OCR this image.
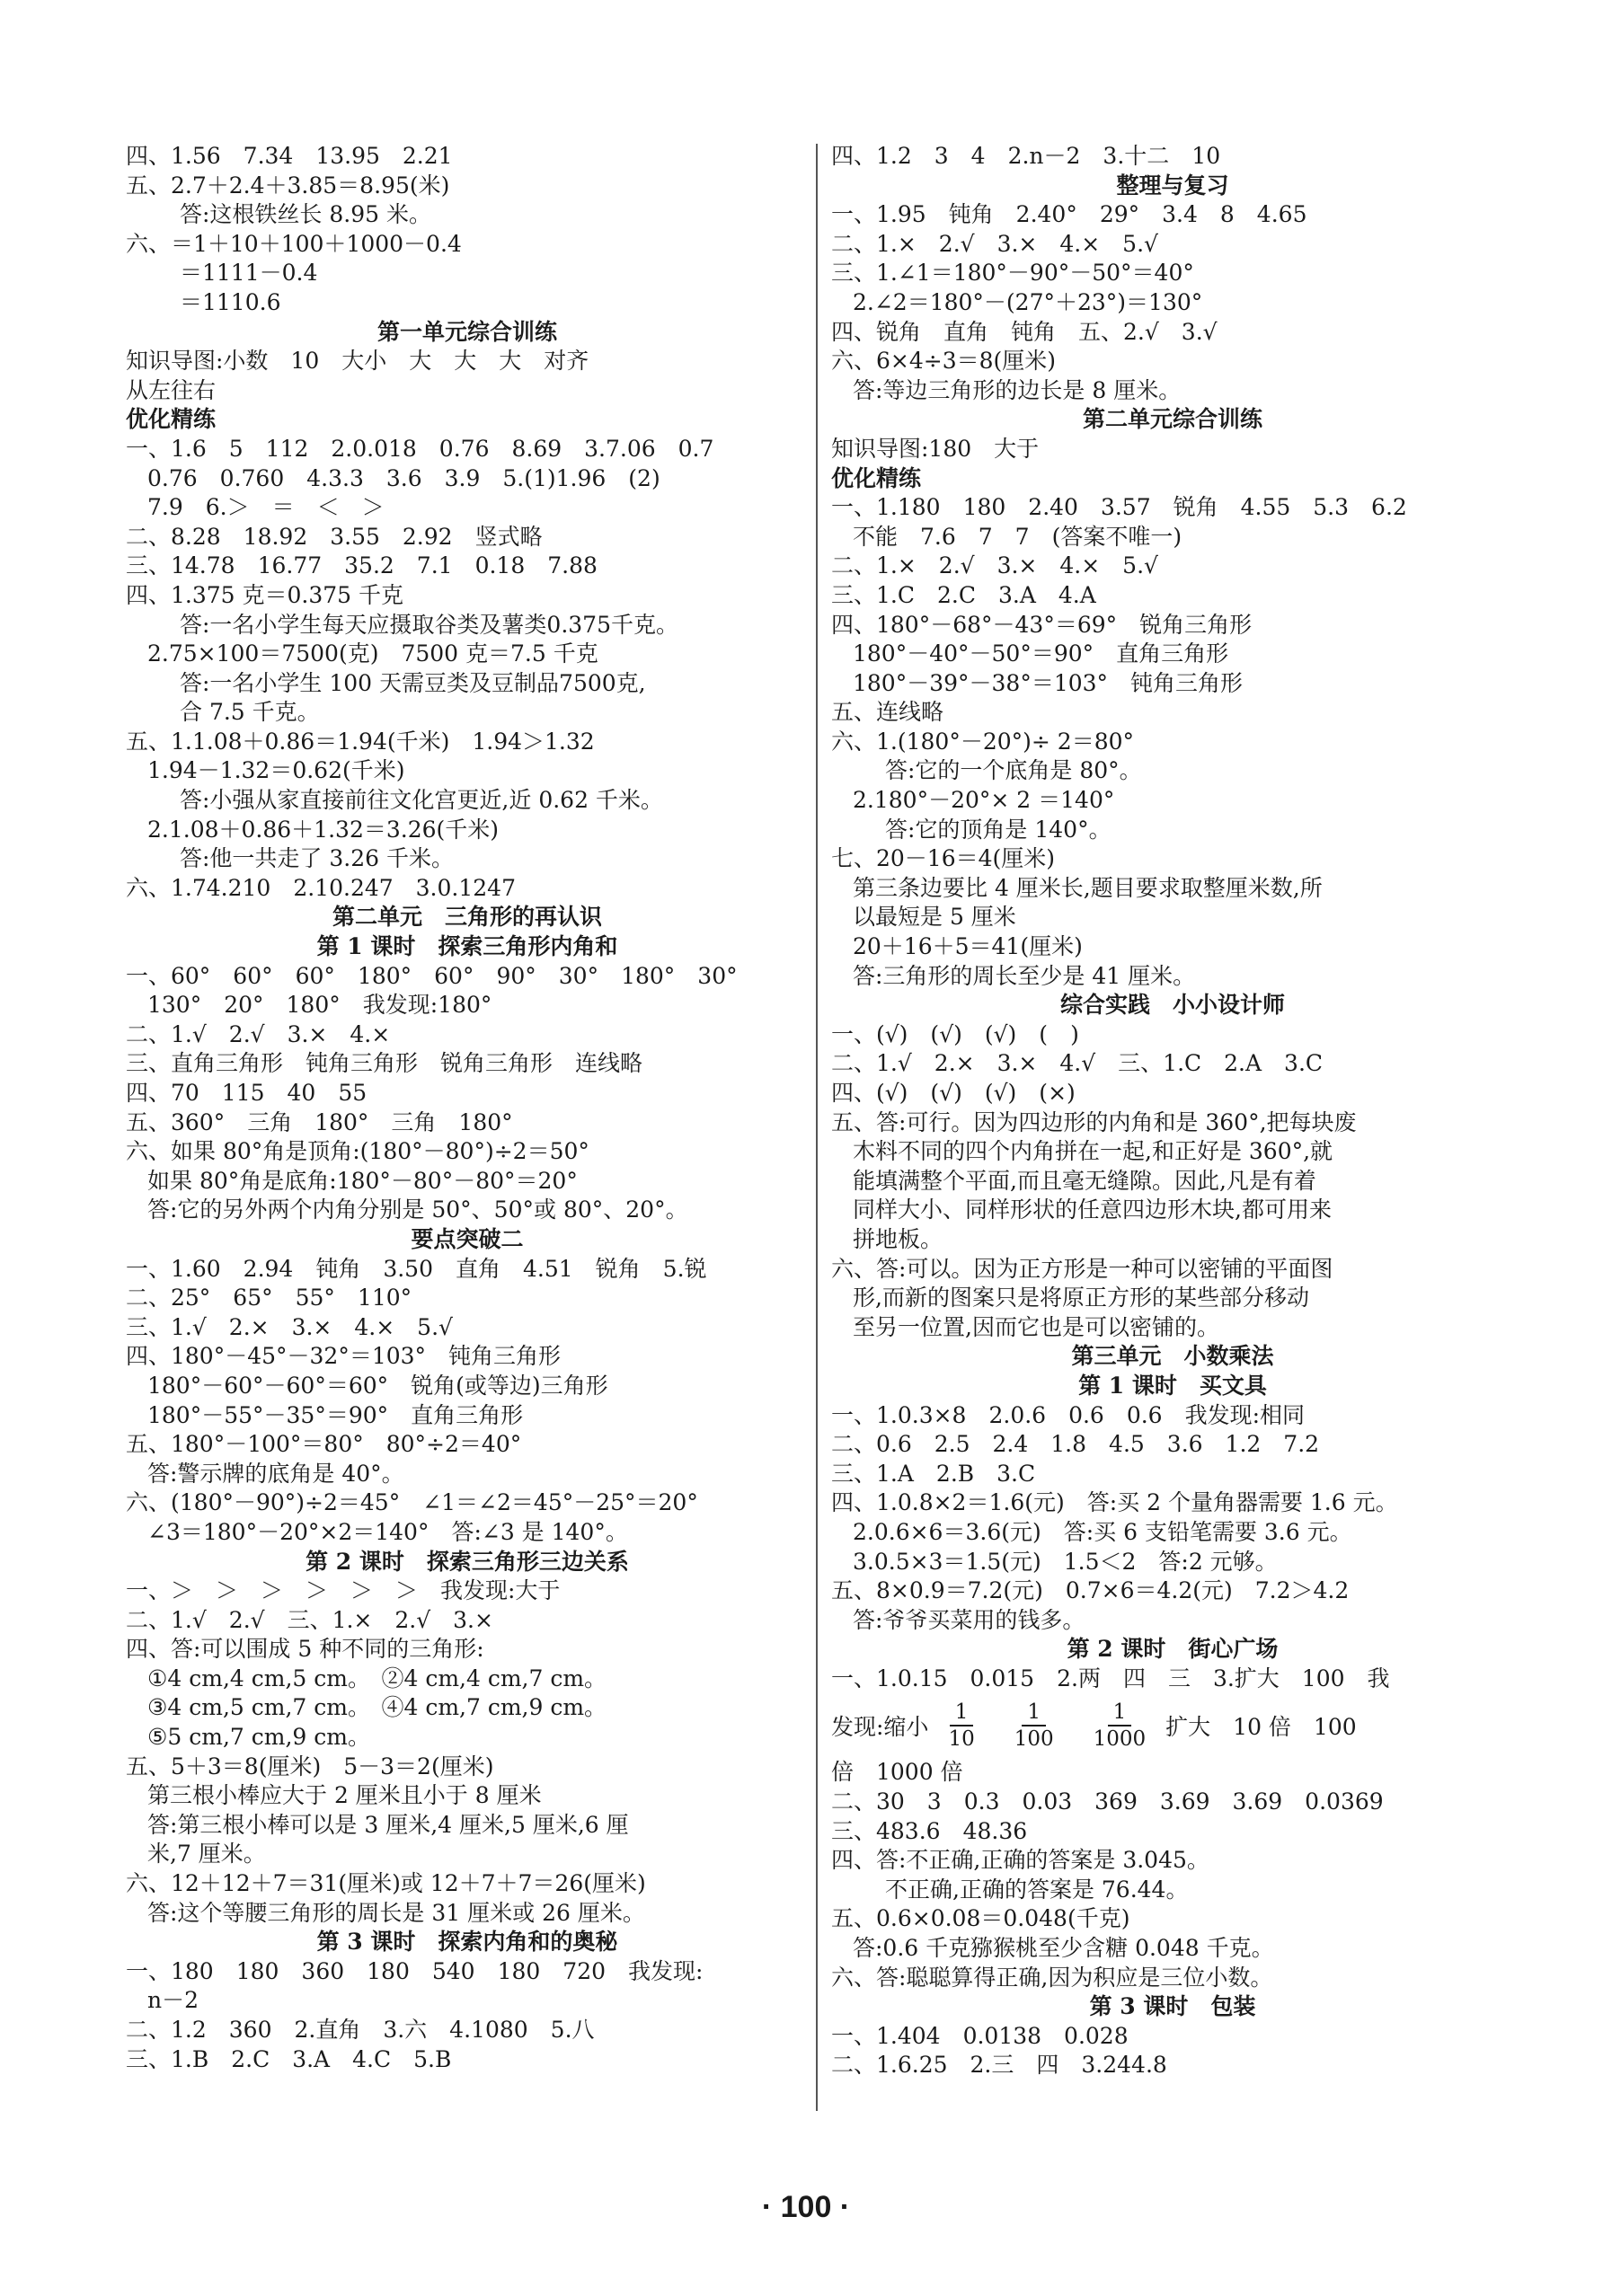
四、1.56　7.34　13.95　2.21
五、2.7＋2.4＋3.85＝8.95(米)
答:这根铁丝长 8.95 米。
六、＝1＋10＋100＋1000－0.4
＝1111－0.4
＝1110.6
第一单元综合训练
知识导图:小数　10　大小　大　大　大　对齐
从左往右
优化精练
一、1.6　5　112　2.0.018　0.76　8.69　3.7.06　0.7
0.76　0.760　4.3.3　3.6　3.9　5.(1)1.96　(2)
7.9　6.＞　＝　＜　＞
二、8.28　18.92　3.55　2.92　竖式略
三、14.78　16.77　35.2　7.1　0.18　7.88
四、1.375 克＝0.375 千克
答:一名小学生每天应摄取谷类及薯类0.375千克。
2.75×100＝7500(克)　7500 克＝7.5 千克
答:一名小学生 100 天需豆类及豆制品7500克,
合 7.5 千克。
五、1.1.08＋0.86＝1.94(千米)　1.94＞1.32
1.94－1.32＝0.62(千米)
答:小强从家直接前往文化宫更近,近 0.62 千米。
2.1.08＋0.86＋1.32＝3.26(千米)
答:他一共走了 3.26 千米。
六、1.74.210　2.10.247　3.0.1247
第二单元　三角形的再认识
第 1 课时　探索三角形内角和
一、60°　60°　60°　180°　60°　90°　30°　180°　30°
130°　20°　180°　我发现:180°
二、1.√　2.√　3.×　4.×
三、直角三角形　钝角三角形　锐角三角形　连线略
四、70　115　40　55
五、360°　三角　180°　三角　180°
六、如果 80°角是顶角:(180°－80°)÷2＝50°
如果 80°角是底角:180°－80°－80°＝20°
答:它的另外两个内角分别是 50°、50°或 80°、20°。
要点突破二
一、1.60　2.94　钝角　3.50　直角　4.51　锐角　5.锐
二、25°　65°　55°　110°
三、1.√　2.×　3.×　4.×　5.√
四、180°－45°－32°＝103°　钝角三角形
180°－60°－60°＝60°　锐角(或等边)三角形
180°－55°－35°＝90°　直角三角形
五、180°－100°＝80°　80°÷2＝40°
答:警示牌的底角是 40°。
六、(180°－90°)÷2＝45°　∠1＝∠2＝45°－25°＝20°
∠3＝180°－20°×2＝140°　答:∠3 是 140°。
第 2 课时　探索三角形三边关系
一、＞　＞　＞　＞　＞　＞　我发现:大于
二、1.√　2.√　三、1.×　2.√　3.×
四、答:可以围成 5 种不同的三角形:
①4 cm,4 cm,5 cm。　②4 cm,4 cm,7 cm。
③4 cm,5 cm,7 cm。　④4 cm,7 cm,9 cm。
⑤5 cm,7 cm,9 cm。
五、5＋3＝8(厘米)　5－3＝2(厘米)
第三根小棒应大于 2 厘米且小于 8 厘米
答:第三根小棒可以是 3 厘米,4 厘米,5 厘米,6 厘
米,7 厘米。
六、12＋12＋7＝31(厘米)或 12＋7＋7＝26(厘米)
答:这个等腰三角形的周长是 31 厘米或 26 厘米。
第 3 课时　探索内角和的奥秘
一、180　180　360　180　540　180　720　我发现:
n－2
二、1.2　360　2.直角　3.六　4.1080　5.八
三、1.B　2.C　3.A　4.C　5.B
四、1.2　3　4　2.n－2　3.十二　10
整理与复习
一、1.95　钝角　2.40°　29°　3.4　8　4.65
二、1.×　2.√　3.×　4.×　5.√
三、1.∠1＝180°－90°－50°＝40°
2.∠2＝180°－(27°＋23°)＝130°
四、锐角　直角　钝角　五、2.√　3.√
六、6×4÷3＝8(厘米)
答:等边三角形的边长是 8 厘米。
第二单元综合训练
知识导图:180　大于
优化精练
一、1.180　180　2.40　3.57　锐角　4.55　5.3　6.2
不能　7.6　7　7　(答案不唯一)
二、1.×　2.√　3.×　4.×　5.√
三、1.C　2.C　3.A　4.A
四、180°－68°－43°＝69°　锐角三角形
180°－40°－50°＝90°　直角三角形
180°－39°－38°＝103°　钝角三角形
五、连线略
六、1.(180°－20°)÷ 2＝80°
答:它的一个底角是 80°。
2.180°－20°× 2 ＝140°
答:它的顶角是 140°。
七、20－16＝4(厘米)
第三条边要比 4 厘米长,题目要求取整厘米数,所
以最短是 5 厘米
20＋16＋5＝41(厘米)
答:三角形的周长至少是 41 厘米。
综合实践　小小设计师
一、(√)　(√)　(√)　(　)
二、1.√　2.×　3.×　4.√　三、1.C　2.A　3.C
四、(√)　(√)　(√)　(×)
五、答:可行。因为四边形的内角和是 360°,把每块废
木料不同的四个内角拼在一起,和正好是 360°,就
能填满整个平面,而且毫无缝隙。因此,凡是有着
同样大小、同样形状的任意四边形木块,都可用来
拼地板。
六、答:可以。因为正方形是一种可以密铺的平面图
形,而新的图案只是将原正方形的某些部分移动
至另一位置,因而它也是可以密铺的。
第三单元　小数乘法
第 1 课时　买文具
一、1.0.3×8　2.0.6　0.6　0.6　我发现:相同
二、0.6　2.5　2.4　1.8　4.5　3.6　1.2　7.2
三、1.A　2.B　3.C
四、1.0.8×2＝1.6(元)　答:买 2 个量角器需要 1.6 元。
2.0.6×6＝3.6(元)　答:买 6 支铅笔需要 3.6 元。
3.0.5×3＝1.5(元)　1.5＜2　答:2 元够。
五、8×0.9＝7.2(元)　0.7×6＝4.2(元)　7.2＞4.2
答:爷爷买菜用的钱多。
第 2 课时　街心广场
一、1.0.15　0.015　2.两　四　三　3.扩大　100　我
发现:缩小 $\frac{1}{10} \frac{1}{100} \frac{1}{1000}$ 扩大　10 倍　100
倍　1000 倍
二、30　3　0.3　0.03　369　3.69　3.69　0.0369
三、483.6　48.36
四、答:不正确,正确的答案是 3.045。
不正确,正确的答案是 76.44。
五、0.6×0.08＝0.048(千克)
答:0.6 千克猕猴桃至少含糖 0.048 千克。
六、答:聪聪算得正确,因为积应是三位小数。
第 3 课时　包装
一、1.404　0.0138　0.028
二、1.6.25　2.三　四　3.244.8
· 100 ·
